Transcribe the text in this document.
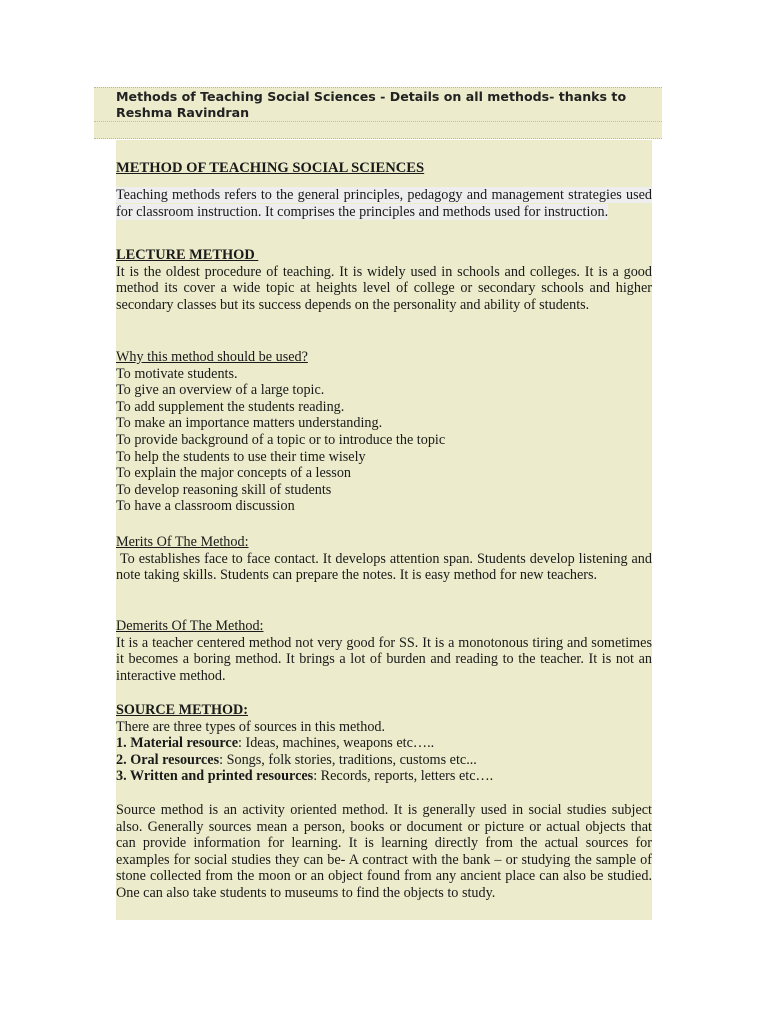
Methods of Teaching Social Sciences - Details on all methods- thanks to Reshma Ravindran
METHOD OF TEACHING SOCIAL SCIENCES

Teaching methods refers to the general principles, pedagogy and management strategies used for classroom instruction. It comprises the principles and methods used for instruction.

LECTURE METHOD

It is the oldest procedure of teaching. It is widely used in schools and colleges. It is a good method its cover a wide topic at heights level of college or secondary schools and higher secondary classes but its success depends on the personality and ability of students.

Why this method should be used?
To motivate students.
To give an overview of a large topic.
To add supplement the students reading.
To make an importance matters understanding.
To provide background of a topic or to introduce the topic
To help the students to use their time wisely
To explain the major concepts of a lesson
To develop reasoning skill of students
To have a classroom discussion
Merits Of The Method:

To establishes face to face contact. It develops attention span. Students develop listening and note taking skills. Students can prepare the notes. It is easy method for new teachers.

Demerits Of The Method:

It is a teacher centered method not very good for SS. It is a monotonous tiring and sometimes it becomes a boring method. It brings a lot of burden and reading to the teacher. It is not an interactive method.

SOURCE METHOD:
There are three types of sources in this method.
1. Material resource: Ideas, machines, weapons etc…..
2. Oral resources: Songs, folk stories, traditions, customs etc...
3. Written and printed resources: Records, reports, letters etc….

Source method is an activity oriented method. It is generally used in social studies subject also. Generally sources mean a person, books or document or picture or actual objects that can provide information for learning. It is learning directly from the actual sources for examples for social studies they can be- A contract with the bank – or studying the sample of stone collected from the moon or an object found from any ancient place can also be studied. One can also take students to museums to find the objects to study.
